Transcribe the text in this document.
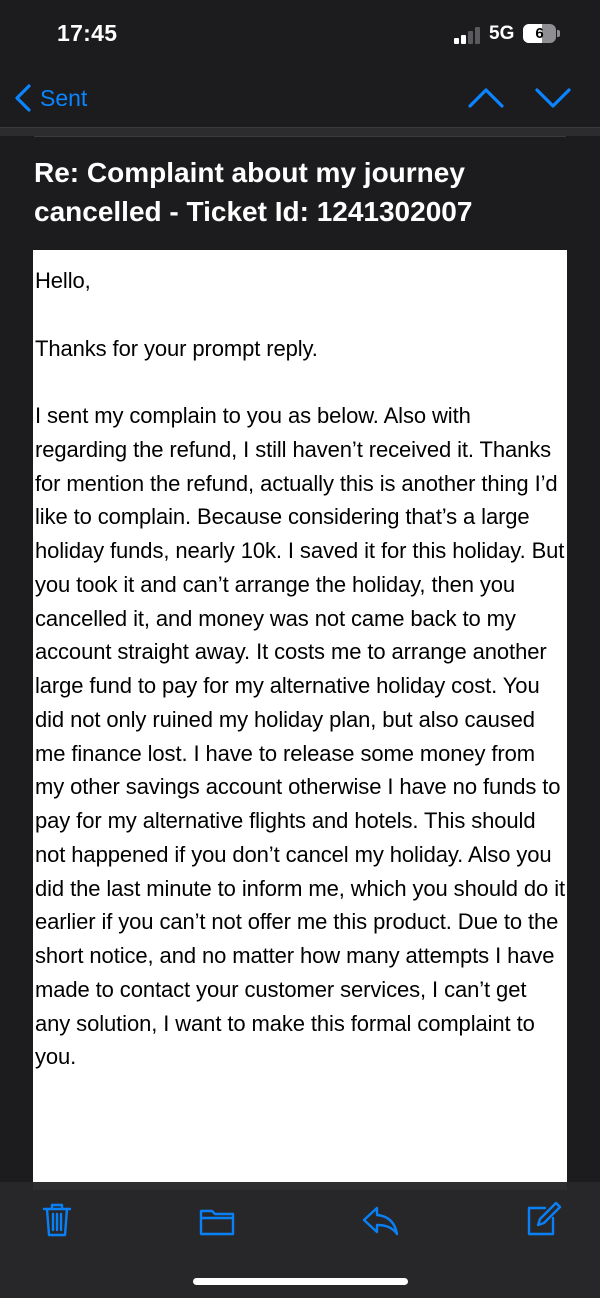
17:45	5G	6
Sent
Re: Complaint about my journey cancelled - Ticket Id: 1241302007

Hello,

Thanks for your prompt reply.

I sent my complain to you as below. Also with regarding the refund, I still haven’t received it. Thanks for mention the refund, actually this is another thing I’d like to complain. Because considering that’s a large holiday funds, nearly 10k. I saved it for this holiday. But you took it and can’t arrange the holiday, then you cancelled it, and money was not came back to my account straight away. It costs me to arrange another large fund to pay for my alternative holiday cost. You did not only ruined my holiday plan, but also caused me finance lost. I have to release some money from my other savings account otherwise I have no funds to pay for my alternative flights and hotels. This should not happened if you don’t cancel my holiday. Also you did the last minute to inform me, which you should do it earlier if you can’t not offer me this product. Due to the short notice, and no matter how many attempts I have made to contact your customer services, I can’t get any solution, I want to make this formal complaint to you.
